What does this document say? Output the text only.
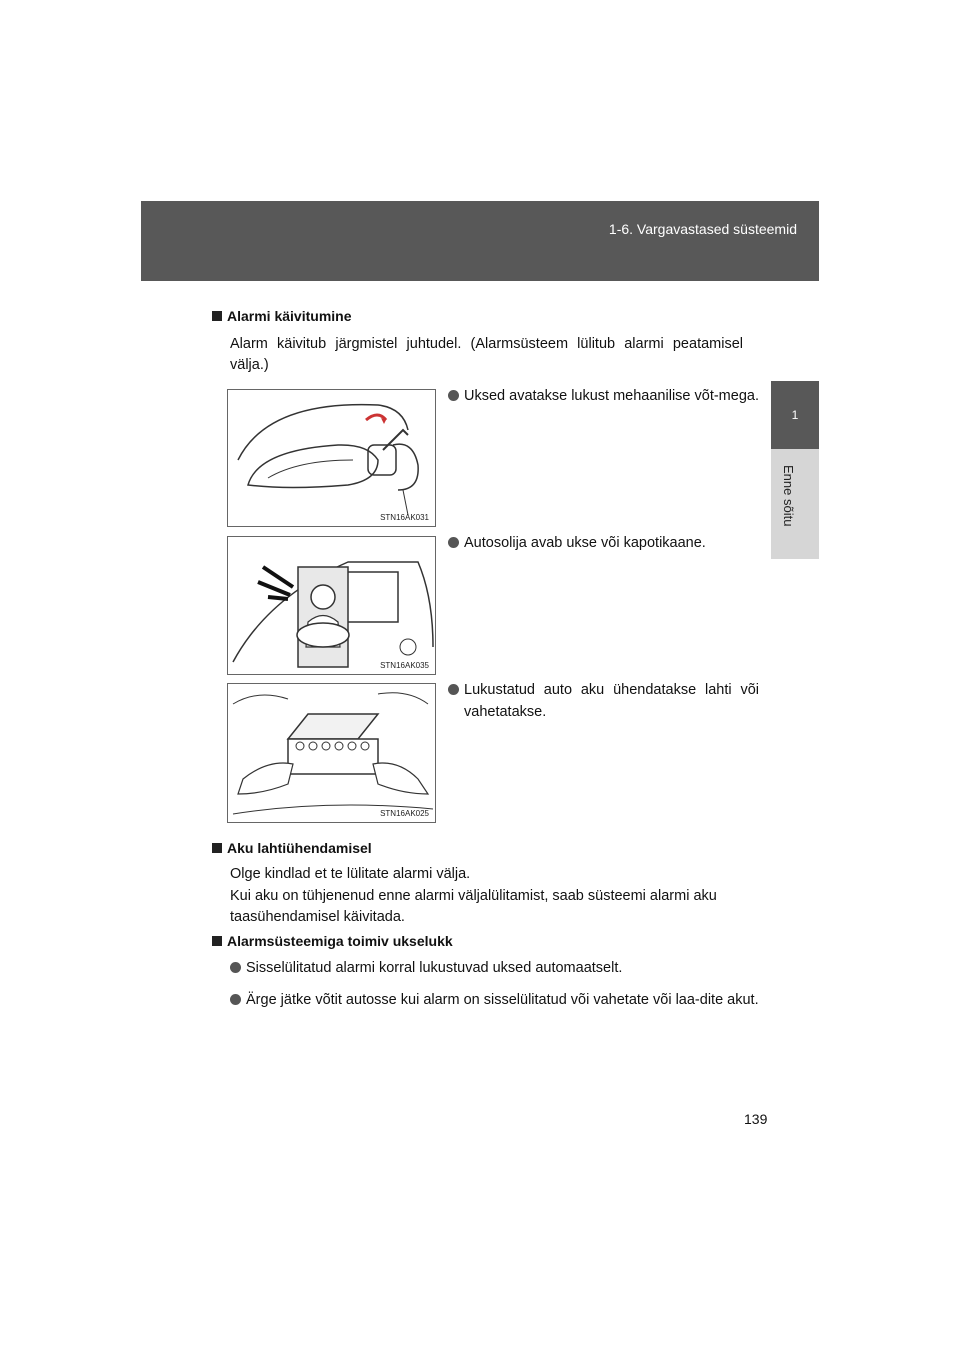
1-6. Vargavastased süsteemid
1
Enne sõitu
Alarmi käivitumine
Alarm käivitub järgmistel juhtudel. (Alarmsüsteem lülitub alarmi peatamisel välja.)
STN16AK031
Uksed avatakse lukust mehaanilise võt-mega.
STN16AK035
Autosolija avab ukse või kapotikaane.
STN16AK025
Lukustatud auto aku ühendatakse lahti või vahetatakse.
Aku lahtiühendamisel
Olge kindlad et te lülitate alarmi välja.
Kui aku on tühjenenud enne alarmi väljalülitamist, saab süsteemi alarmi aku taasühendamisel käivitada.
Alarmsüsteemiga toimiv ukselukk
Sisselülitatud alarmi korral lukustuvad uksed automaatselt.
Ärge jätke võtit autosse kui alarm on sisselülitatud või vahetate või laa-dite akut.
139
